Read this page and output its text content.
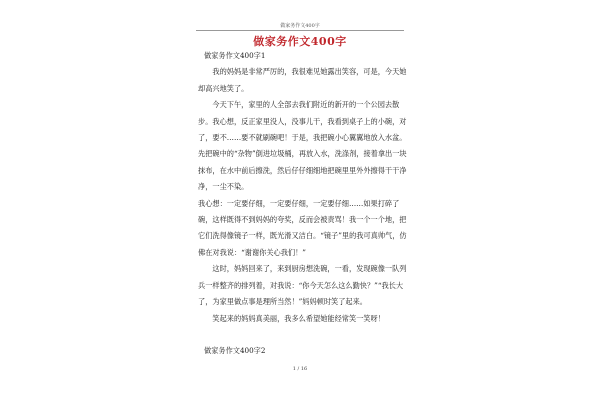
做家务作文400字
做家务作文400字

做家务作文400字1

我的妈妈是非常严厉的，我很难见她露出笑容，可是，今天她却高兴地笑了。

今天下午，家里的人全部去我们附近的新开的一个公园去散步。我心想，反正家里没人，没事儿干，我看到桌子上的小碗，对了，要不……要不就刷碗吧！于是，我把碗小心翼翼地放入水盆。先把碗中的“杂物”倒进垃圾桶，再放入水，洗涤剂，接着拿出一块抹布，在水中前后擦洗，然后仔仔细细地把碗里里外外擦得干干净净，一尘不染。

我心想：一定要仔细，一定要仔细，一定要仔细……如果打碎了碗，这样既得不到妈妈的夸奖，反而会被责骂！我一个一个地，把它们洗得像镜子一样，既光滑又洁白。“镜子”里的我可真帅气，仿佛在对我说：“谢谢你关心我们！”

这时，妈妈回来了，来到厨房想洗碗，一看，发现碗像一队列兵一样整齐的排列着，对我说：“你今天怎么这么勤快？”“我长大了，为家里做点事是理所当然！”妈妈顿时笑了起来。

笑起来的妈妈真美丽，我多么希望她能经常笑一笑呀！

做家务作文400字2

1 / 16
